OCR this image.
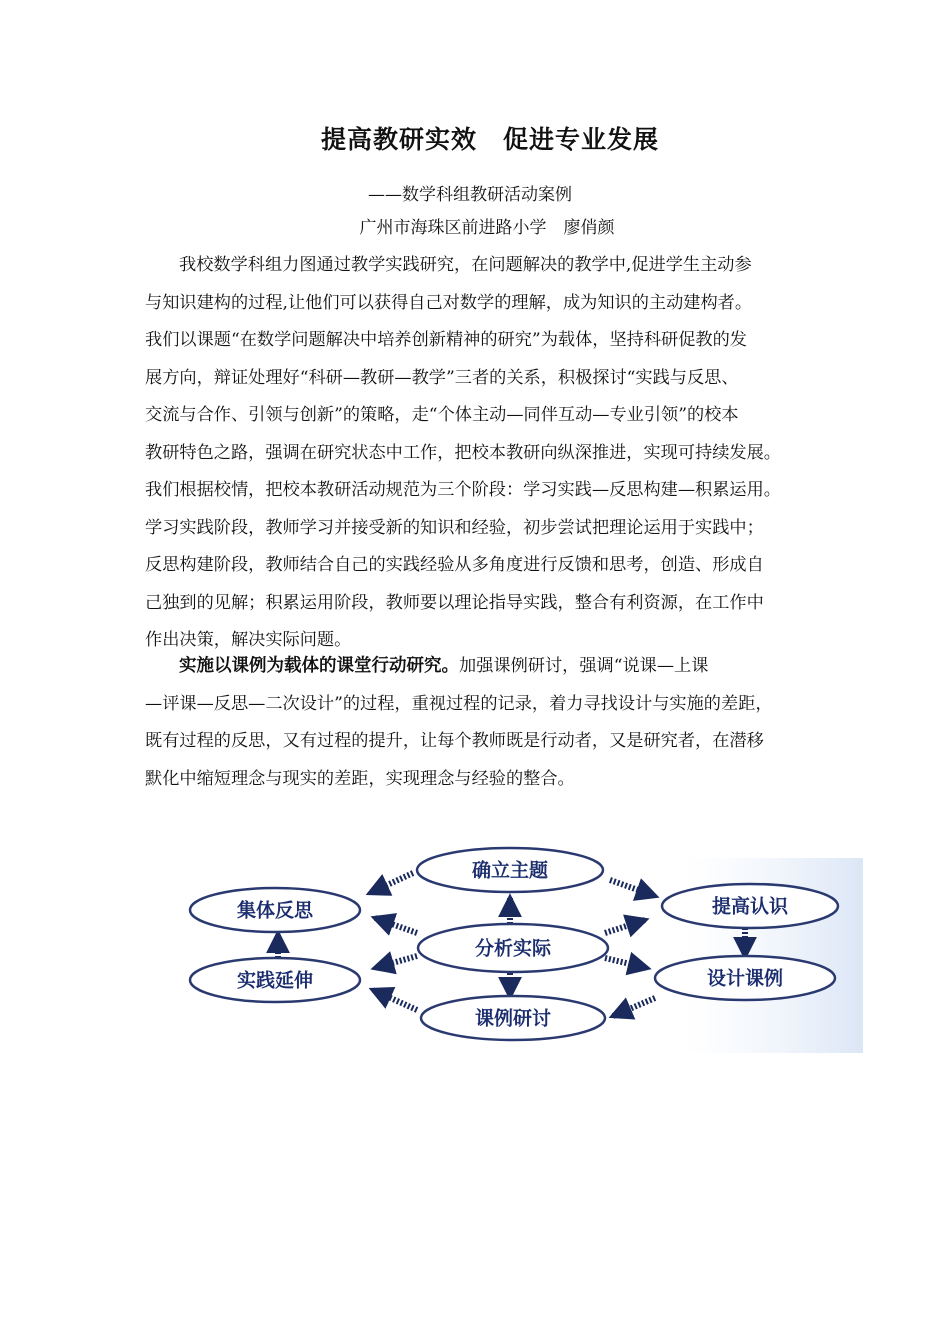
提高教研实效　促进专业发展
——数学科组教研活动案例
广州市海珠区前进路小学　廖俏颜
我校数学科组力图通过教学实践研究，在问题解决的教学中,促进学生主动参
与知识建构的过程,让他们可以获得自己对数学的理解，成为知识的主动建构者。
我们以课题“在数学问题解决中培养创新精神的研究”为载体，坚持科研促教的发
展方向，辩证处理好“科研—教研—教学”三者的关系，积极探讨“实践与反思、
交流与合作、引领与创新”的策略，走“个体主动—同伴互动—专业引领”的校本
教研特色之路，强调在研究状态中工作，把校本教研向纵深推进，实现可持续发展。
我们根据校情，把校本教研活动规范为三个阶段：学习实践—反思构建—积累运用。
学习实践阶段，教师学习并接受新的知识和经验，初步尝试把理论运用于实践中；
反思构建阶段，教师结合自己的实践经验从多角度进行反馈和思考，创造、形成自
己独到的见解；积累运用阶段，教师要以理论指导实践，整合有利资源，在工作中
作出决策，解决实际问题。
实施以课例为载体的课堂行动研究。加强课例研讨，强调“说课—上课
—评课—反思—二次设计”的过程，重视过程的记录，着力寻找设计与实施的差距，
既有过程的反思，又有过程的提升，让每个教师既是行动者，又是研究者，在潜移
默化中缩短理念与现实的差距，实现理念与经验的整合。
确立主题
集体反思	提高认识
分析实际
实践延伸	设计课例
课例研讨
